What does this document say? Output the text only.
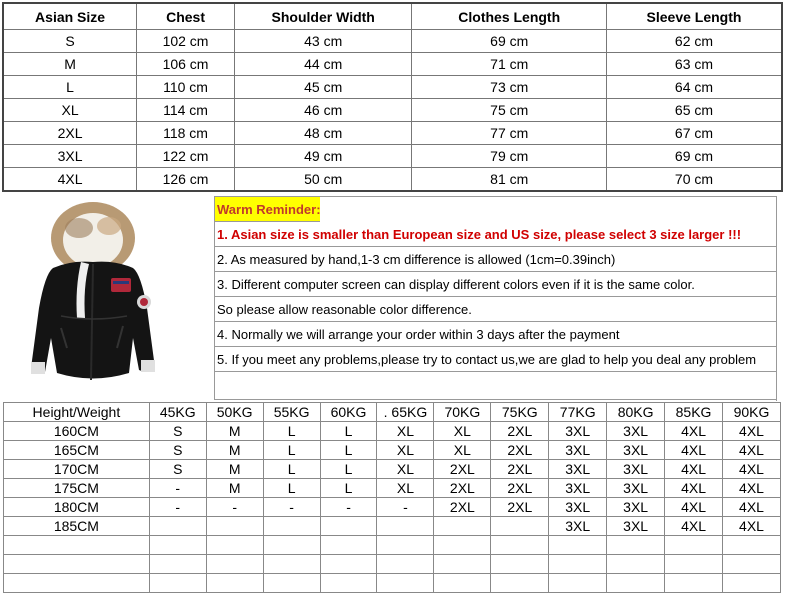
Asian Size	Chest	Shoulder Width	Clothes Length	Sleeve Length
S	102 cm	43 cm	69 cm	62 cm
M	106 cm	44 cm	71 cm	63 cm
L	110 cm	45 cm	73 cm	64 cm
XL	114 cm	46 cm	75 cm	65 cm
2XL	118 cm	48 cm	77 cm	67 cm
3XL	122 cm	49 cm	79 cm	69 cm
4XL	126 cm	50 cm	81 cm	70 cm
Warm Reminder:
1. Asian size is smaller than European size and US size, please select 3 size larger !!!
2. As measured by hand,1-3 cm difference is allowed (1cm=0.39inch)
3. Different computer screen can display different colors even if it is the same color.
So please allow reasonable color difference.
4. Normally we will arrange your order within 3 days after the payment
5. If you meet any problems,please try to contact us,we are glad to help you deal any problem
Height/Weight	45KG	50KG	55KG	60KG	. 65KG	70KG	75KG	77KG	80KG	85KG	90KG
160CM	S	M	L	L	XL	XL	2XL	3XL	3XL	4XL	4XL
165CM	S	M	L	L	XL	XL	2XL	3XL	3XL	4XL	4XL
170CM	S	M	L	L	XL	2XL	2XL	3XL	3XL	4XL	4XL
175CM	-	M	L	L	XL	2XL	2XL	3XL	3XL	4XL	4XL
180CM	-	-	-	-	-	2XL	2XL	3XL	3XL	4XL	4XL
185CM								3XL	3XL	4XL	4XL
